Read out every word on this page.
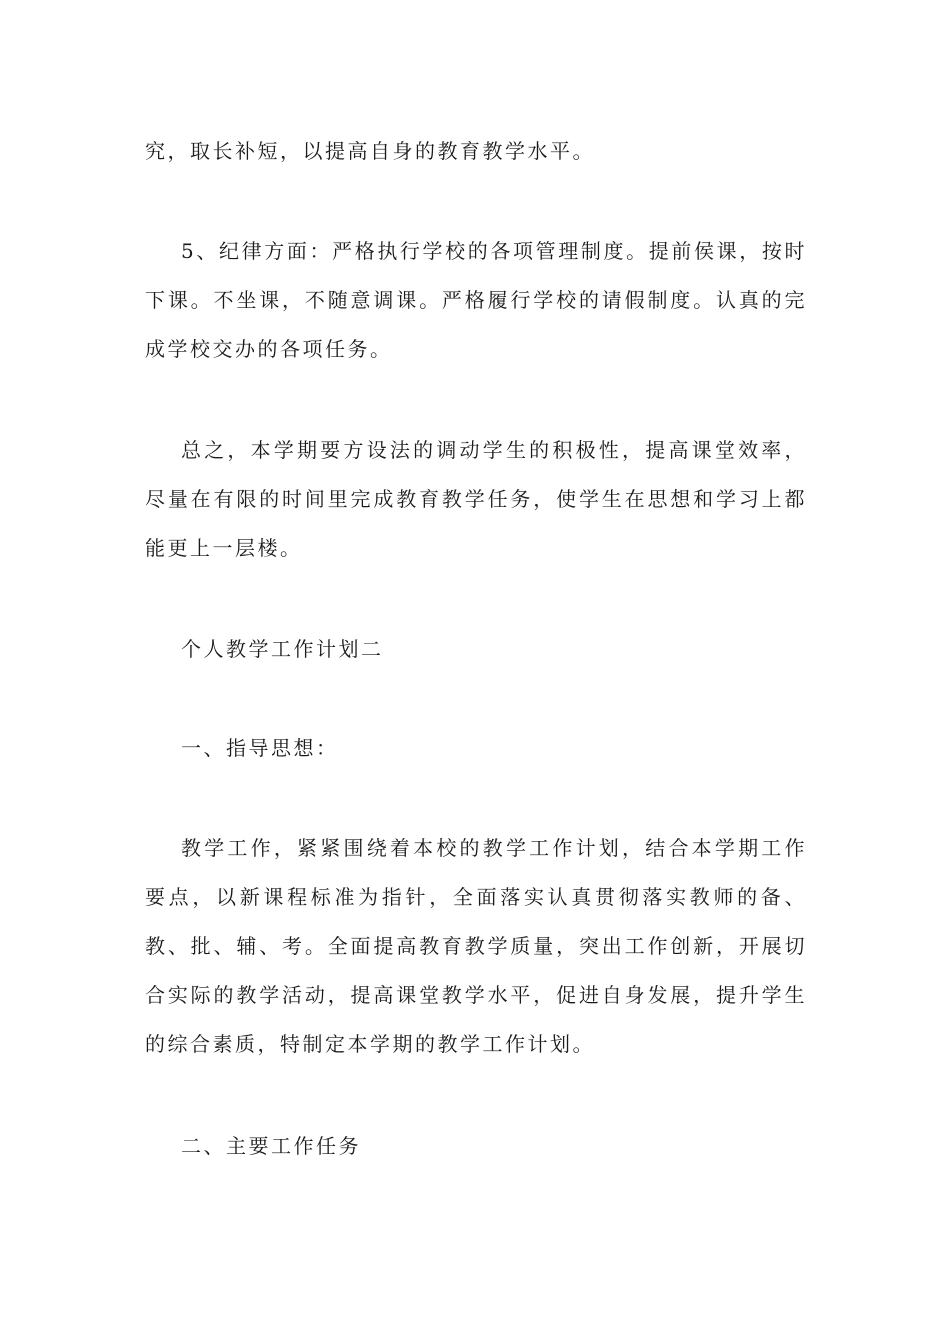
究，取长补短，以提高自身的教育教学水平。

5、纪律方面：严格执行学校的各项管理制度。提前侯课，按时下课。不坐课，不随意调课。严格履行学校的请假制度。认真的完成学校交办的各项任务。

总之，本学期要方设法的调动学生的积极性，提高课堂效率，尽量在有限的时间里完成教育教学任务，使学生在思想和学习上都能更上一层楼。

个人教学工作计划二

一、指导思想：

教学工作，紧紧围绕着本校的教学工作计划，结合本学期工作要点，以新课程标准为指针，全面落实认真贯彻落实教师的备、教、批、辅、考。全面提高教育教学质量，突出工作创新，开展切合实际的教学活动，提高课堂教学水平，促进自身发展，提升学生的综合素质，特制定本学期的教学工作计划。

二、主要工作任务
